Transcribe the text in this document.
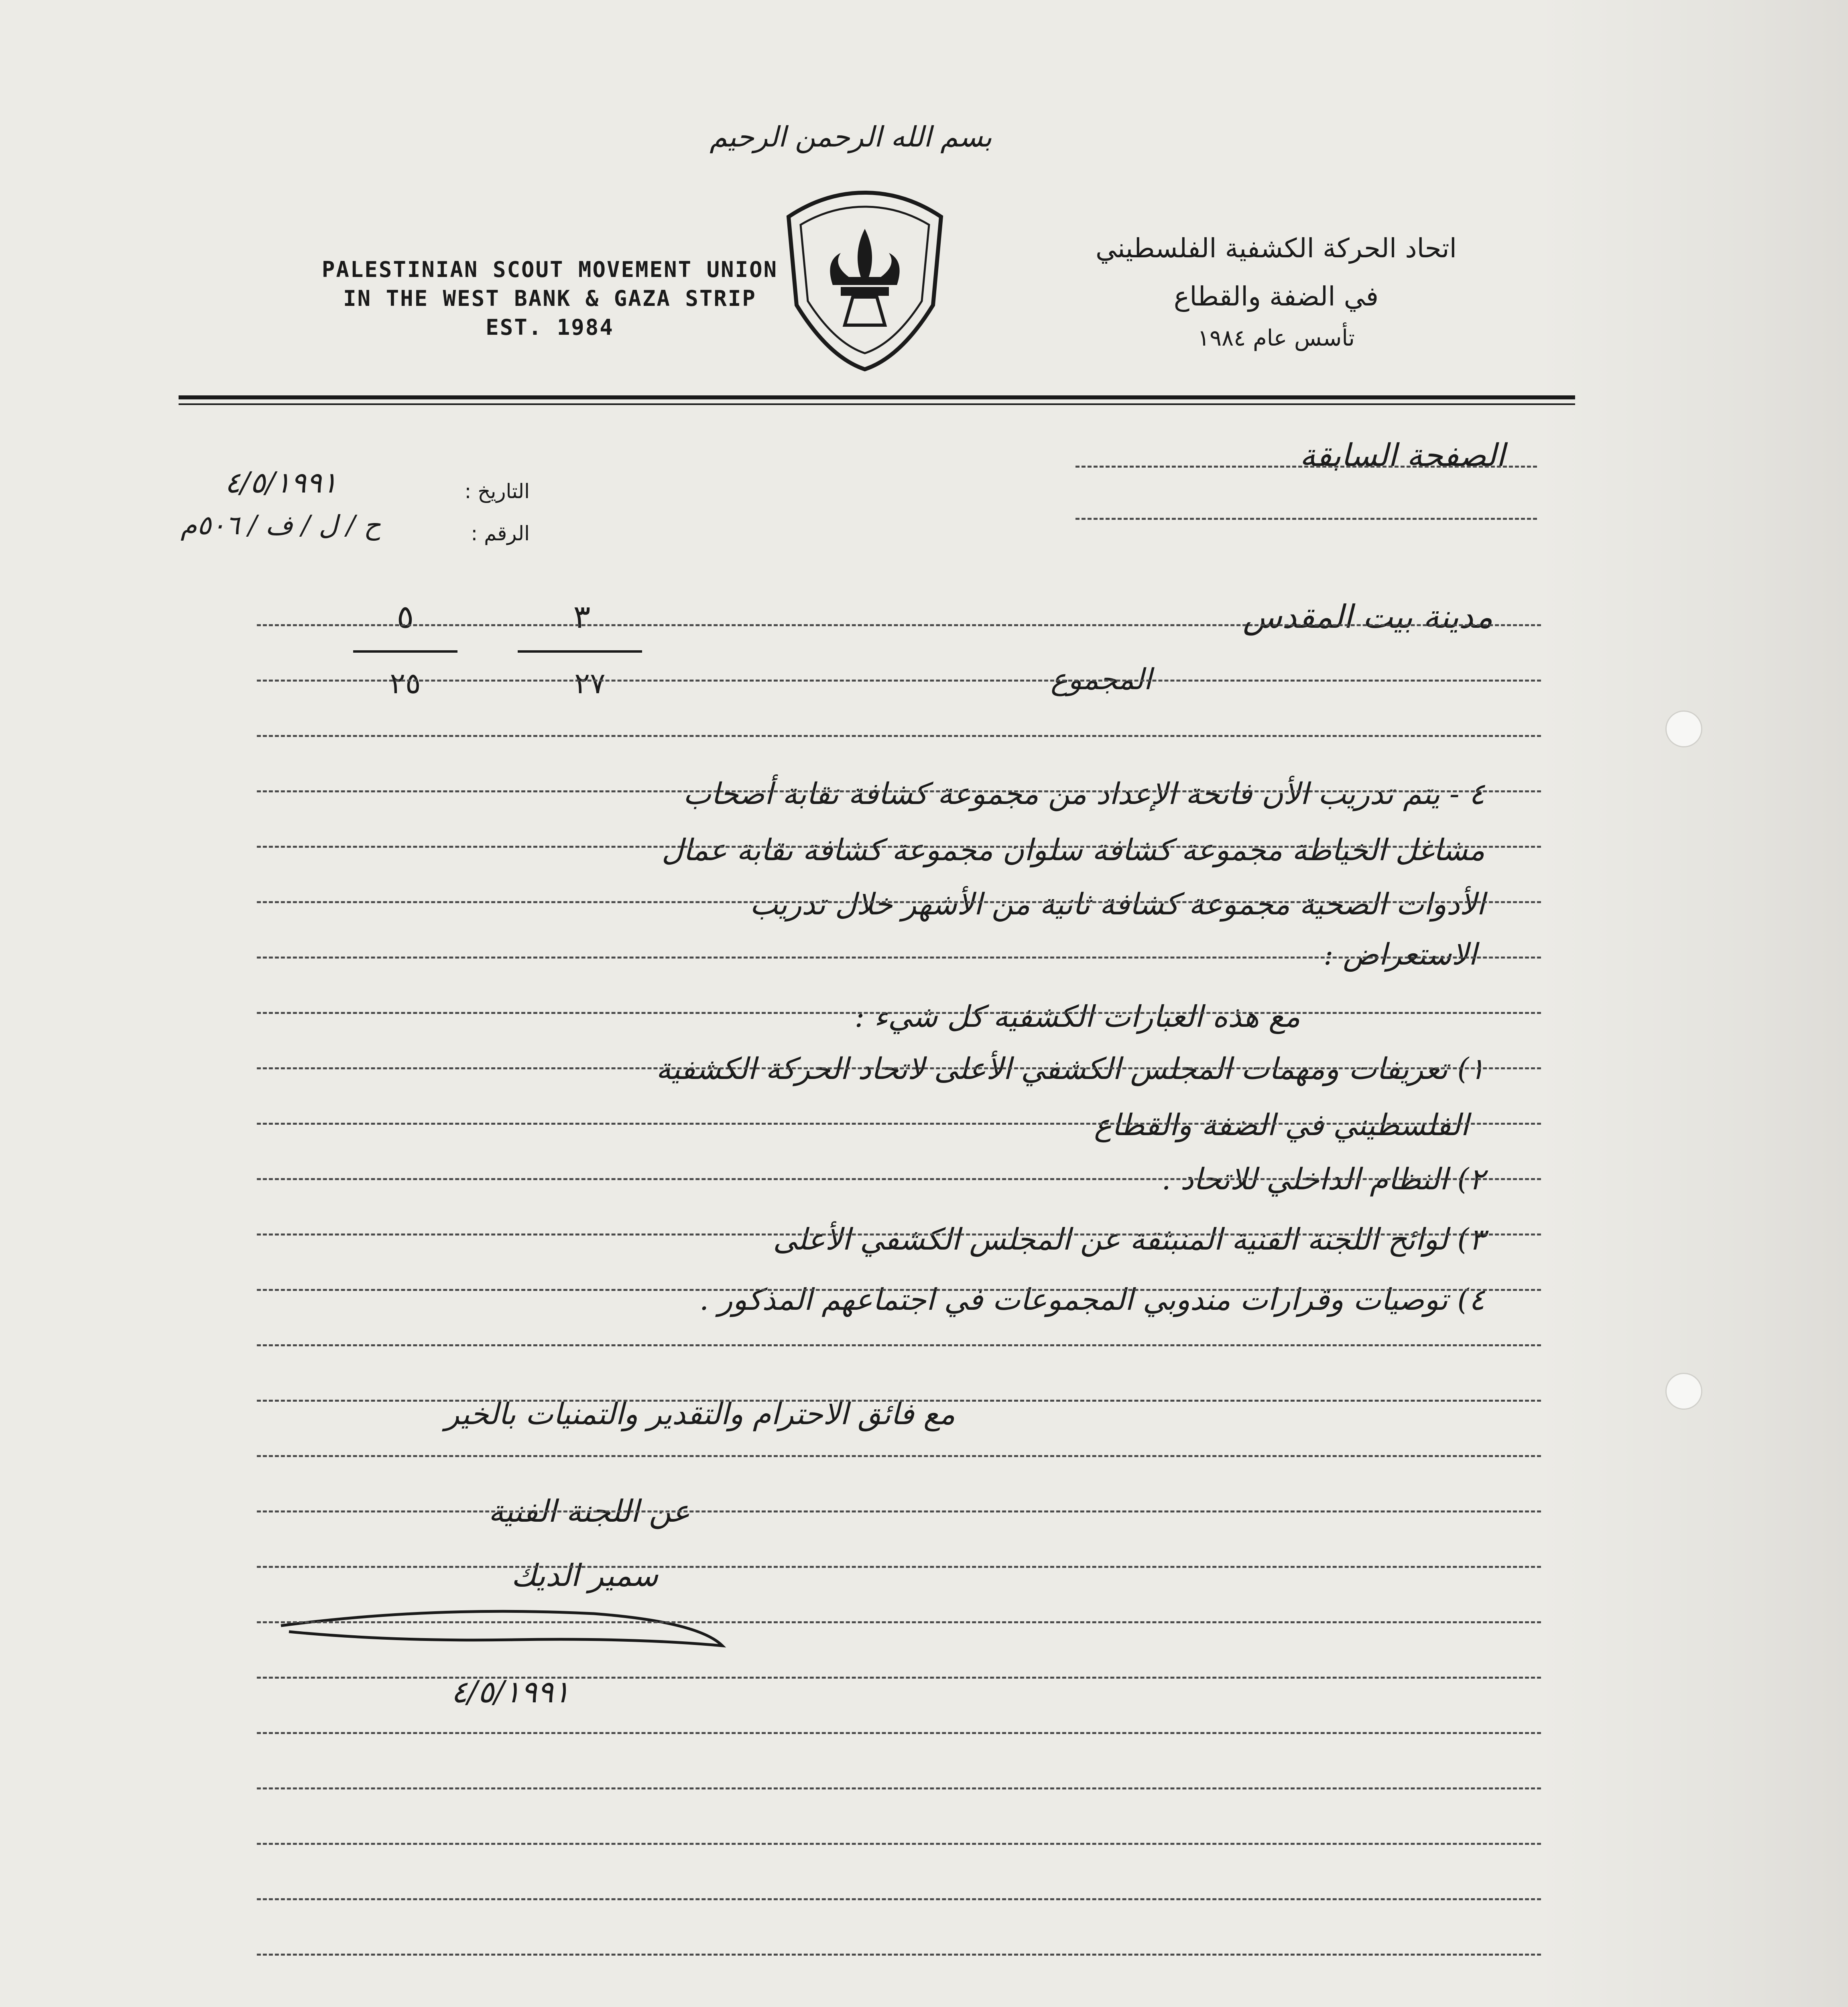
بسم الله الرحمن الرحيم
PALESTINIAN SCOUT MOVEMENT UNION
IN THE WEST BANK & GAZA STRIP
EST. 1984
اتحاد الحركة الكشفية الفلسطيني
في الضفة والقطاع
تأسس عام ١٩٨٤
التاريخ :
٤/٥/١٩٩١
الرقم :
ح / ل / ف / ٥٠٦م
الصفحة السابقة
مدينة بيت المقدس
المجموع
٥
٢٥
٣
٢٧
٤ - يتم تدريب الأن فانحة الإعداد من مجموعة كشافة نقابة أصحاب
مشاغل الخياطة مجموعة كشافة سلوان مجموعة كشافة نقابة عمال
الأدوات الصحية مجموعة كشافة ثانية من الأشهر خلال تدريب
الاستعراض :
مع هذه العبارات الكشفية كل شيء :
١) تعريفات ومهمات المجلس الكشفي الأعلى لاتحاد الحركة الكشفية
الفلسطيني في الضفة والقطاع
٢) النظام الداخلي للاتحاد .
٣) لوائح اللجنة الفنية المنبثقة عن المجلس الكشفي الأعلى
٤) توصيات وقرارات مندوبي المجموعات في اجتماعهم المذكور .
مع فائق الاحترام والتقدير والتمنيات بالخير
عن اللجنة الفنية
سمير الديك
٤/٥/١٩٩١
